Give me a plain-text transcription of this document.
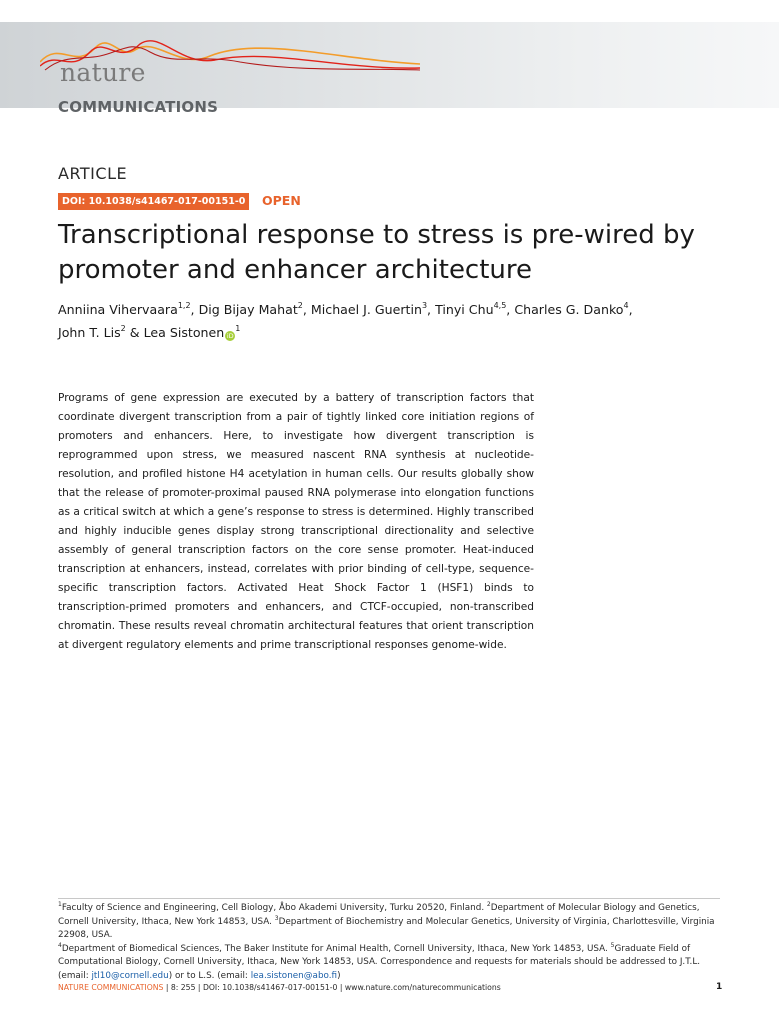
nature
COMMUNICATIONS
ARTICLE
DOI: 10.1038/s41467-017-00151-0	OPEN
Transcriptional response to stress is pre-wired by promoter and enhancer architecture
Anniina Vihervaara$^{1,2}$, Dig Bijay Mahat$^2$, Michael J. Guertin$^3$, Tinyi Chu$^{4,5}$, Charles G. Danko$^4$,
John T. Lis$^2$ & Lea Sistonen $iD^1$

Programs of gene expression are executed by a battery of transcription factors that coordinate divergent transcription from a pair of tightly linked core initiation regions of promoters and enhancers. Here, to investigate how divergent transcription is reprogrammed upon stress, we measured nascent RNA synthesis at nucleotide-resolution, and profiled histone H4 acetylation in human cells. Our results globally show that the release of promoter-proximal paused RNA polymerase into elongation functions as a critical switch at which a gene’s response to stress is determined. Highly transcribed and highly inducible genes display strong transcriptional directionality and selective assembly of general transcription factors on the core sense promoter. Heat-induced transcription at enhancers, instead, correlates with prior binding of cell-type, sequence-specific transcription factors. Activated Heat Shock Factor 1 (HSF1) binds to transcription-primed promoters and enhancers, and CTCF-occupied, non-transcribed chromatin. These results reveal chromatin architectural features that orient transcription at divergent regulatory elements and prime transcriptional responses genome-wide.

$^1$Faculty of Science and Engineering, Cell Biology, Åbo Akademi University, Turku 20520, Finland. $^2$Department of Molecular Biology and Genetics, Cornell University, Ithaca, New York 14853, USA. $^3$Department of Biochemistry and Molecular Genetics, University of Virginia, Charlottesville, Virginia 22908, USA.
$^4$Department of Biomedical Sciences, The Baker Institute for Animal Health, Cornell University, Ithaca, New York 14853, USA. $^5$Graduate Field of Computational Biology, Cornell University, Ithaca, New York 14853, USA. Correspondence and requests for materials should be addressed to J.T.L. (email: jtl10@cornell.edu) or to L.S. (email: lea.sistonen@abo.fi)
NATURE COMMUNICATIONS | 8: 255 | DOI: 10.1038/s41467-017-00151-0 | www.nature.com/naturecommunications	1
